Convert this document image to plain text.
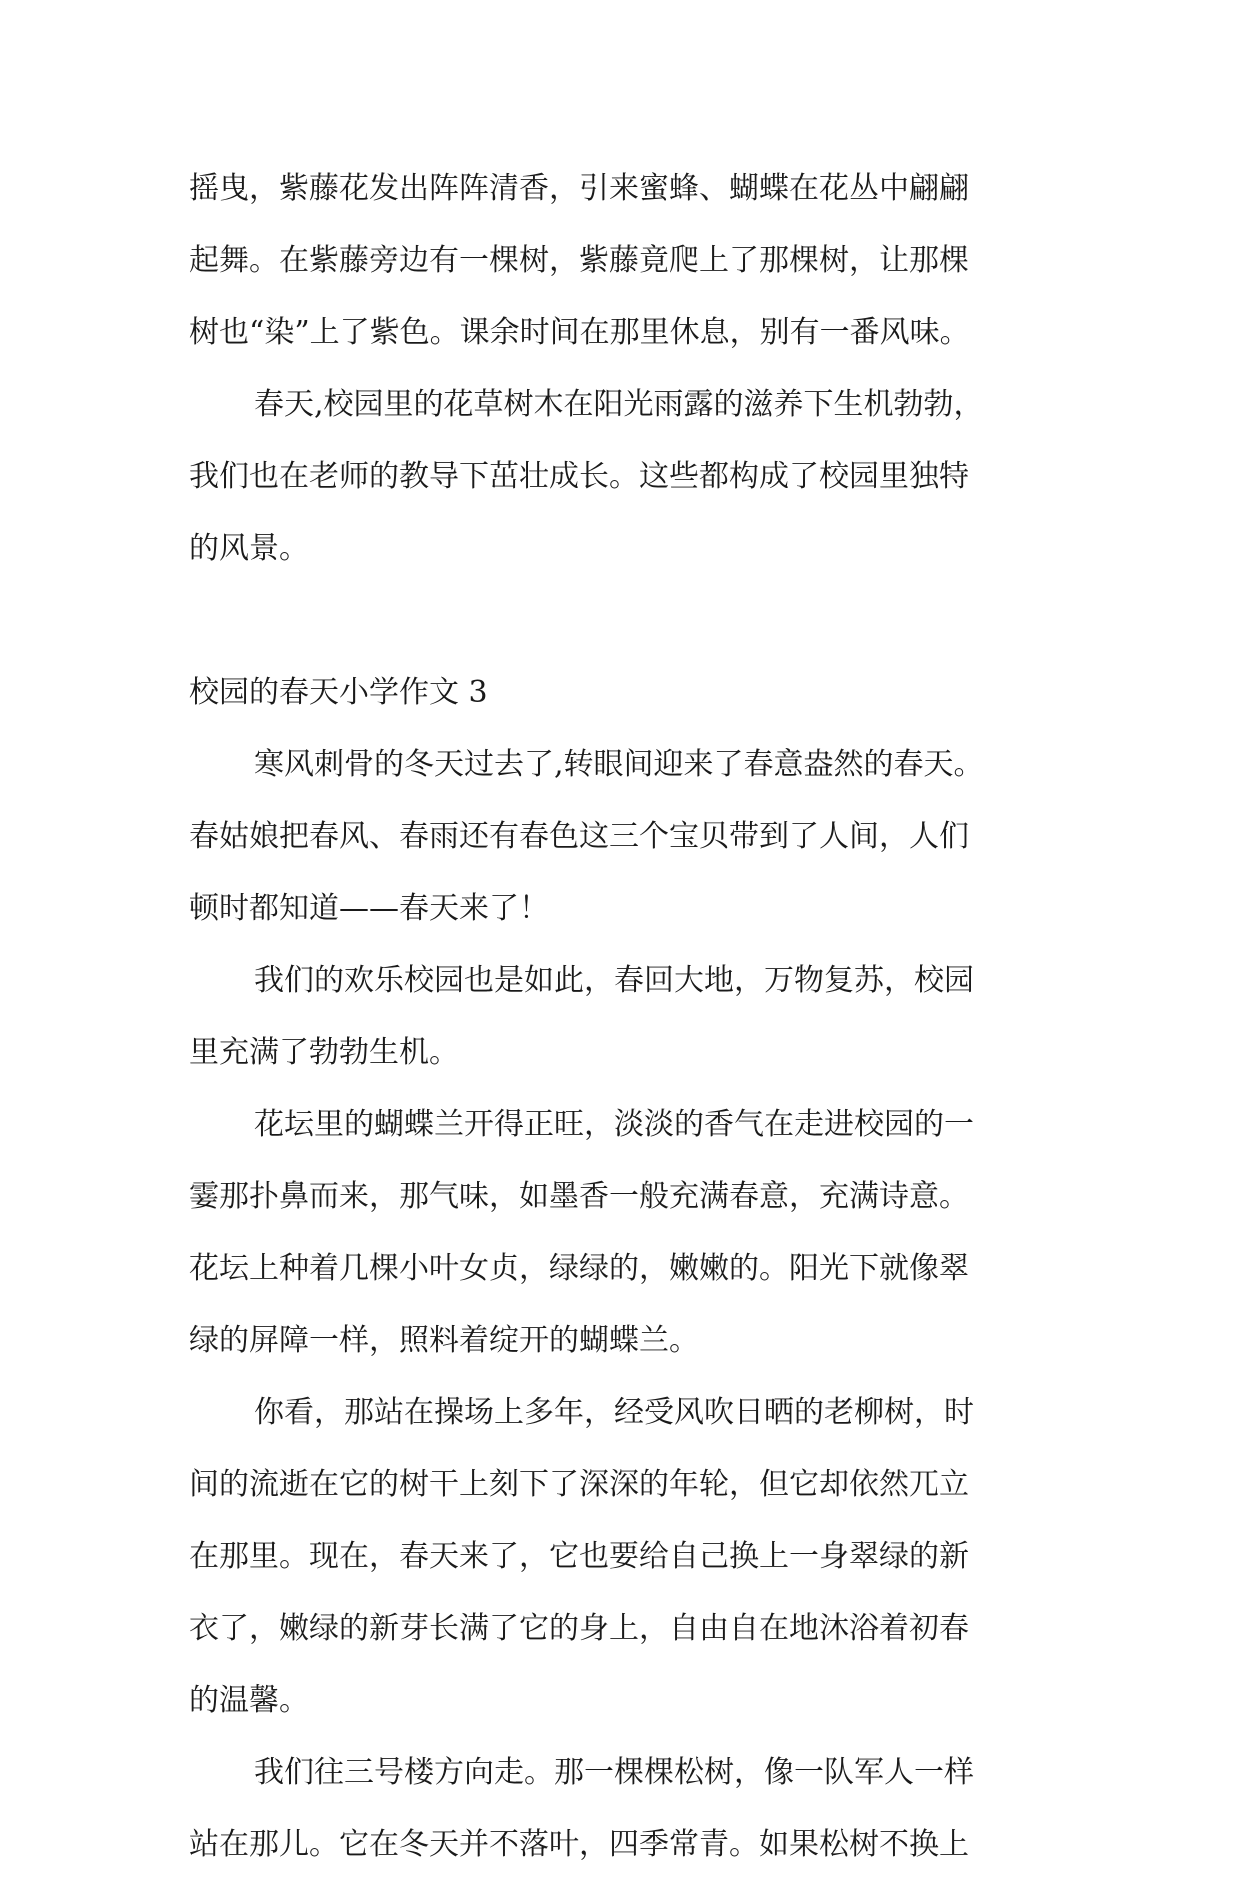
摇曳，紫藤花发出阵阵清香，引来蜜蜂、蝴蝶在花丛中翩翩
起舞。在紫藤旁边有一棵树，紫藤竟爬上了那棵树，让那棵
树也“染”上了紫色。课余时间在那里休息，别有一番风味。
春天,校园里的花草树木在阳光雨露的滋养下生机勃勃，
我们也在老师的教导下茁壮成长。这些都构成了校园里独特
的风景。
校园的春天小学作文 3
寒风刺骨的冬天过去了,转眼间迎来了春意盎然的春天。
春姑娘把春风、春雨还有春色这三个宝贝带到了人间，人们
顿时都知道——春天来了！
我们的欢乐校园也是如此，春回大地，万物复苏，校园
里充满了勃勃生机。
花坛里的蝴蝶兰开得正旺，淡淡的香气在走进校园的一
霎那扑鼻而来，那气味，如墨香一般充满春意，充满诗意。
花坛上种着几棵小叶女贞，绿绿的，嫩嫩的。阳光下就像翠
绿的屏障一样，照料着绽开的蝴蝶兰。
你看，那站在操场上多年，经受风吹日晒的老柳树，时
间的流逝在它的树干上刻下了深深的年轮，但它却依然兀立
在那里。现在，春天来了，它也要给自己换上一身翠绿的新
衣了，嫩绿的新芽长满了它的身上，自由自在地沐浴着初春
的温馨。
我们往三号楼方向走。那一棵棵松树，像一队军人一样
站在那儿。它在冬天并不落叶，四季常青。如果松树不换上
